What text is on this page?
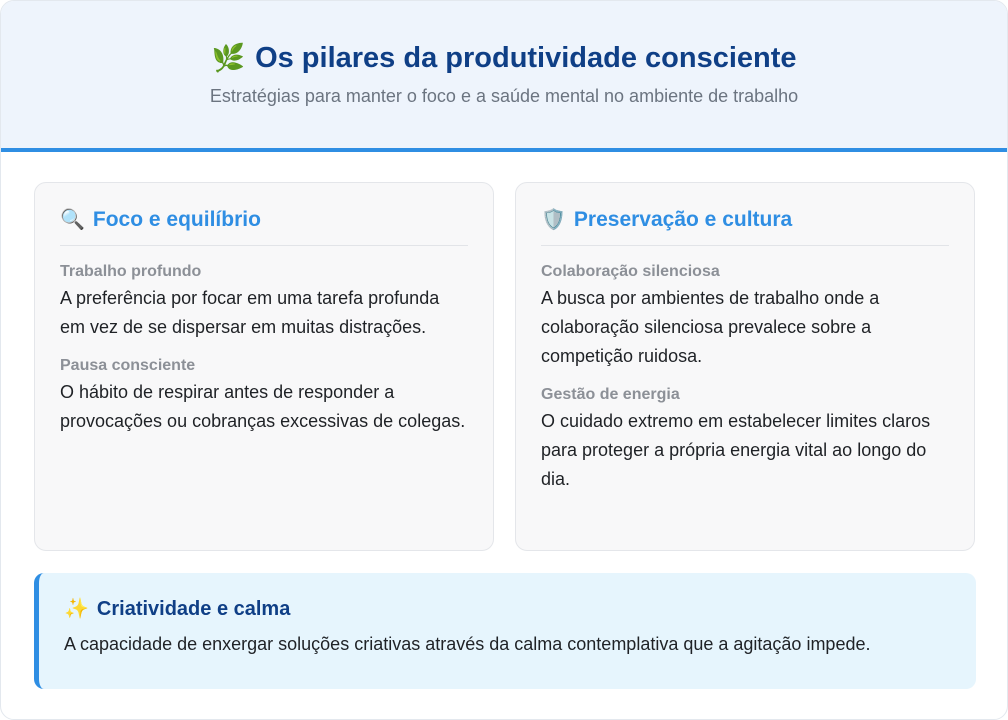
🌿 Os pilares da produtividade consciente
Estratégias para manter o foco e a saúde mental no ambiente de trabalho
🔍 Foco e equilíbrio
Trabalho profundo
A preferência por focar em uma tarefa profunda em vez de se dispersar em muitas distrações.
Pausa consciente
O hábito de respirar antes de responder a provocações ou cobranças excessivas de colegas.
🛡️ Preservação e cultura
Colaboração silenciosa
A busca por ambientes de trabalho onde a colaboração silenciosa prevalece sobre a competição ruidosa.
Gestão de energia
O cuidado extremo em estabelecer limites claros para proteger a própria energia vital ao longo do dia.
✨ Criatividade e calma
A capacidade de enxergar soluções criativas através da calma contemplativa que a agitação impede.
